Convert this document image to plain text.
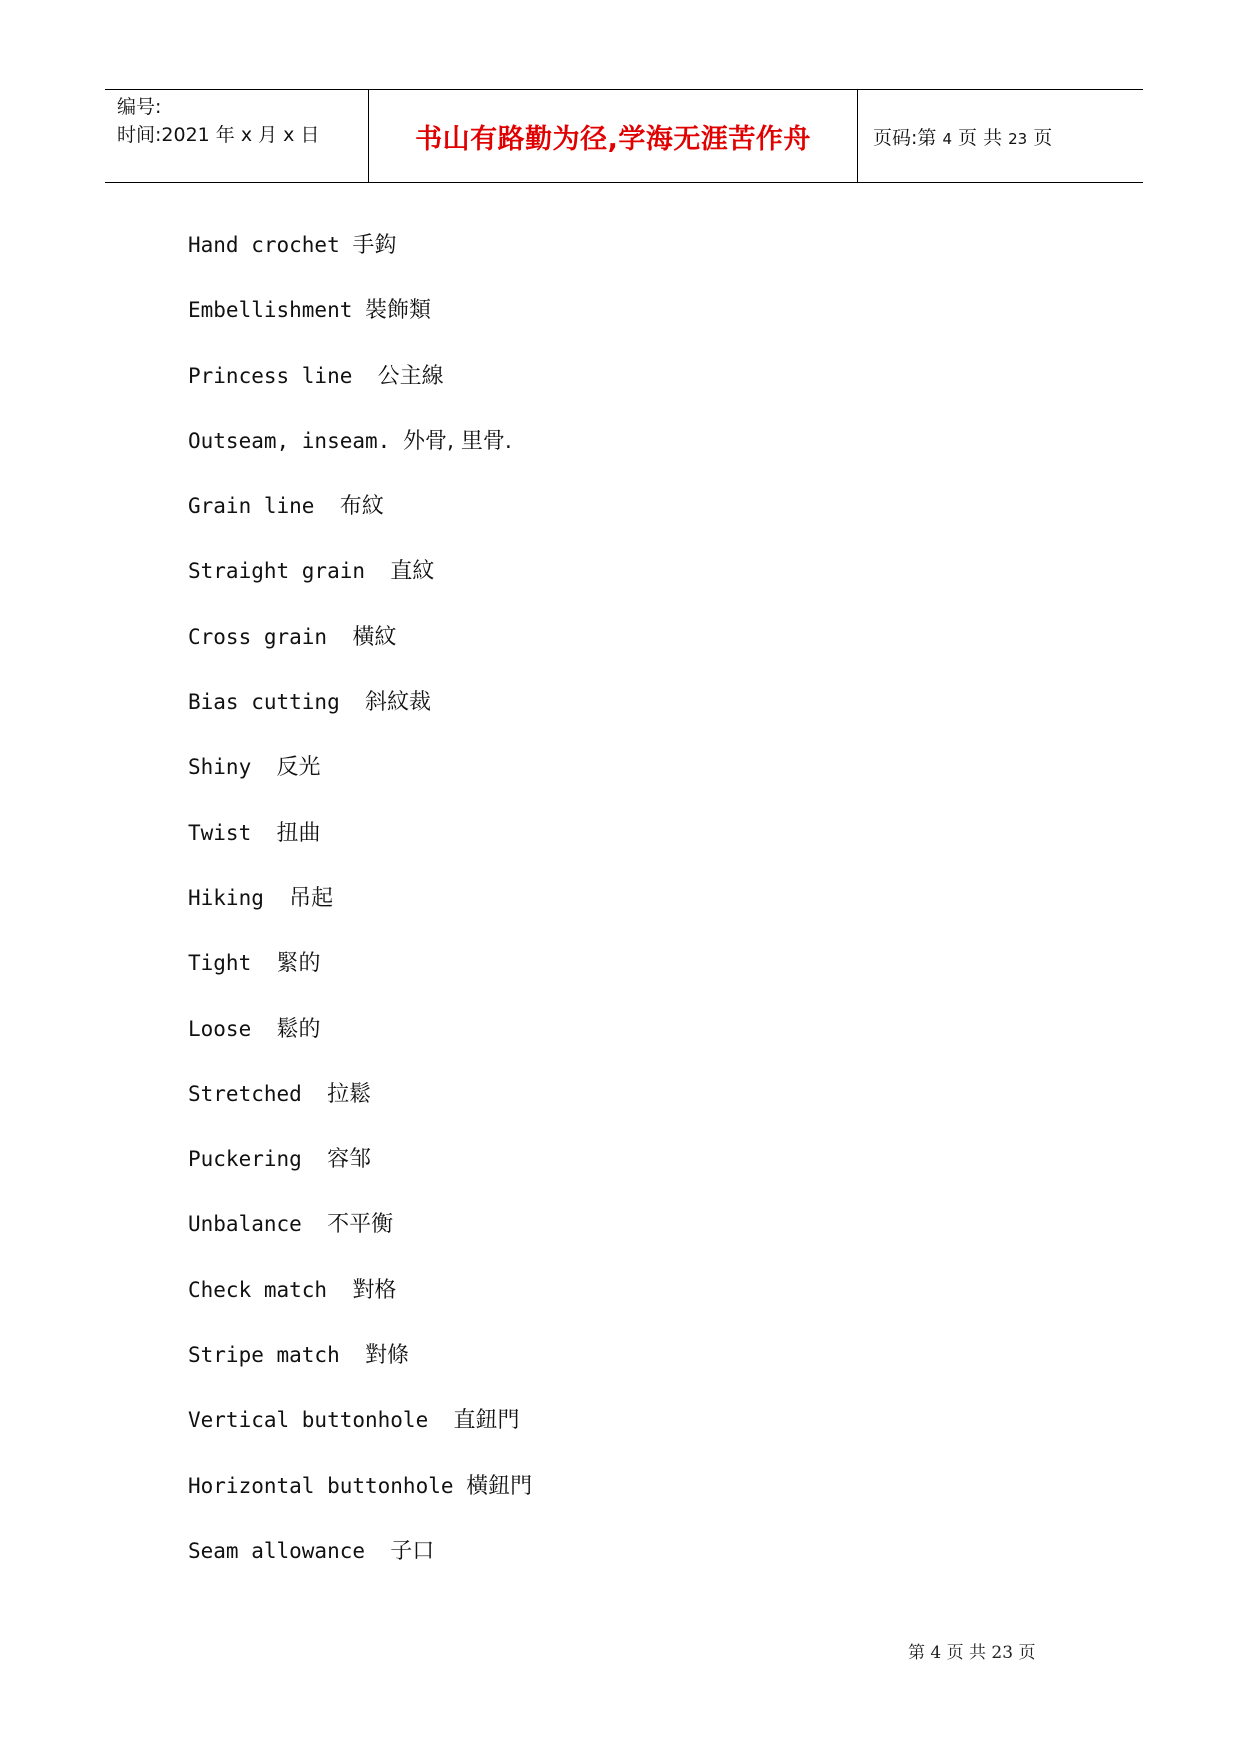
编号:
时间:2021 年 x 月 x 日	书山有路勤为径,学海无涯苦作舟	页码:第 4 页 共 23 页
Hand crochet 手鈎
Embellishment 裝飾類
Princess line  公主線
Outseam, inseam. 外骨, 里骨.
Grain line  布紋
Straight grain  直紋
Cross grain  橫紋
Bias cutting  斜紋裁
Shiny  反光
Twist  扭曲
Hiking  吊起
Tight  緊的
Loose  鬆的
Stretched  拉鬆
Puckering  容邹
Unbalance  不平衡
Check match  對格
Stripe match  對條
Vertical buttonhole  直鈕門
Horizontal buttonhole 橫鈕門
Seam allowance  子口
第 4 页 共 23 页
